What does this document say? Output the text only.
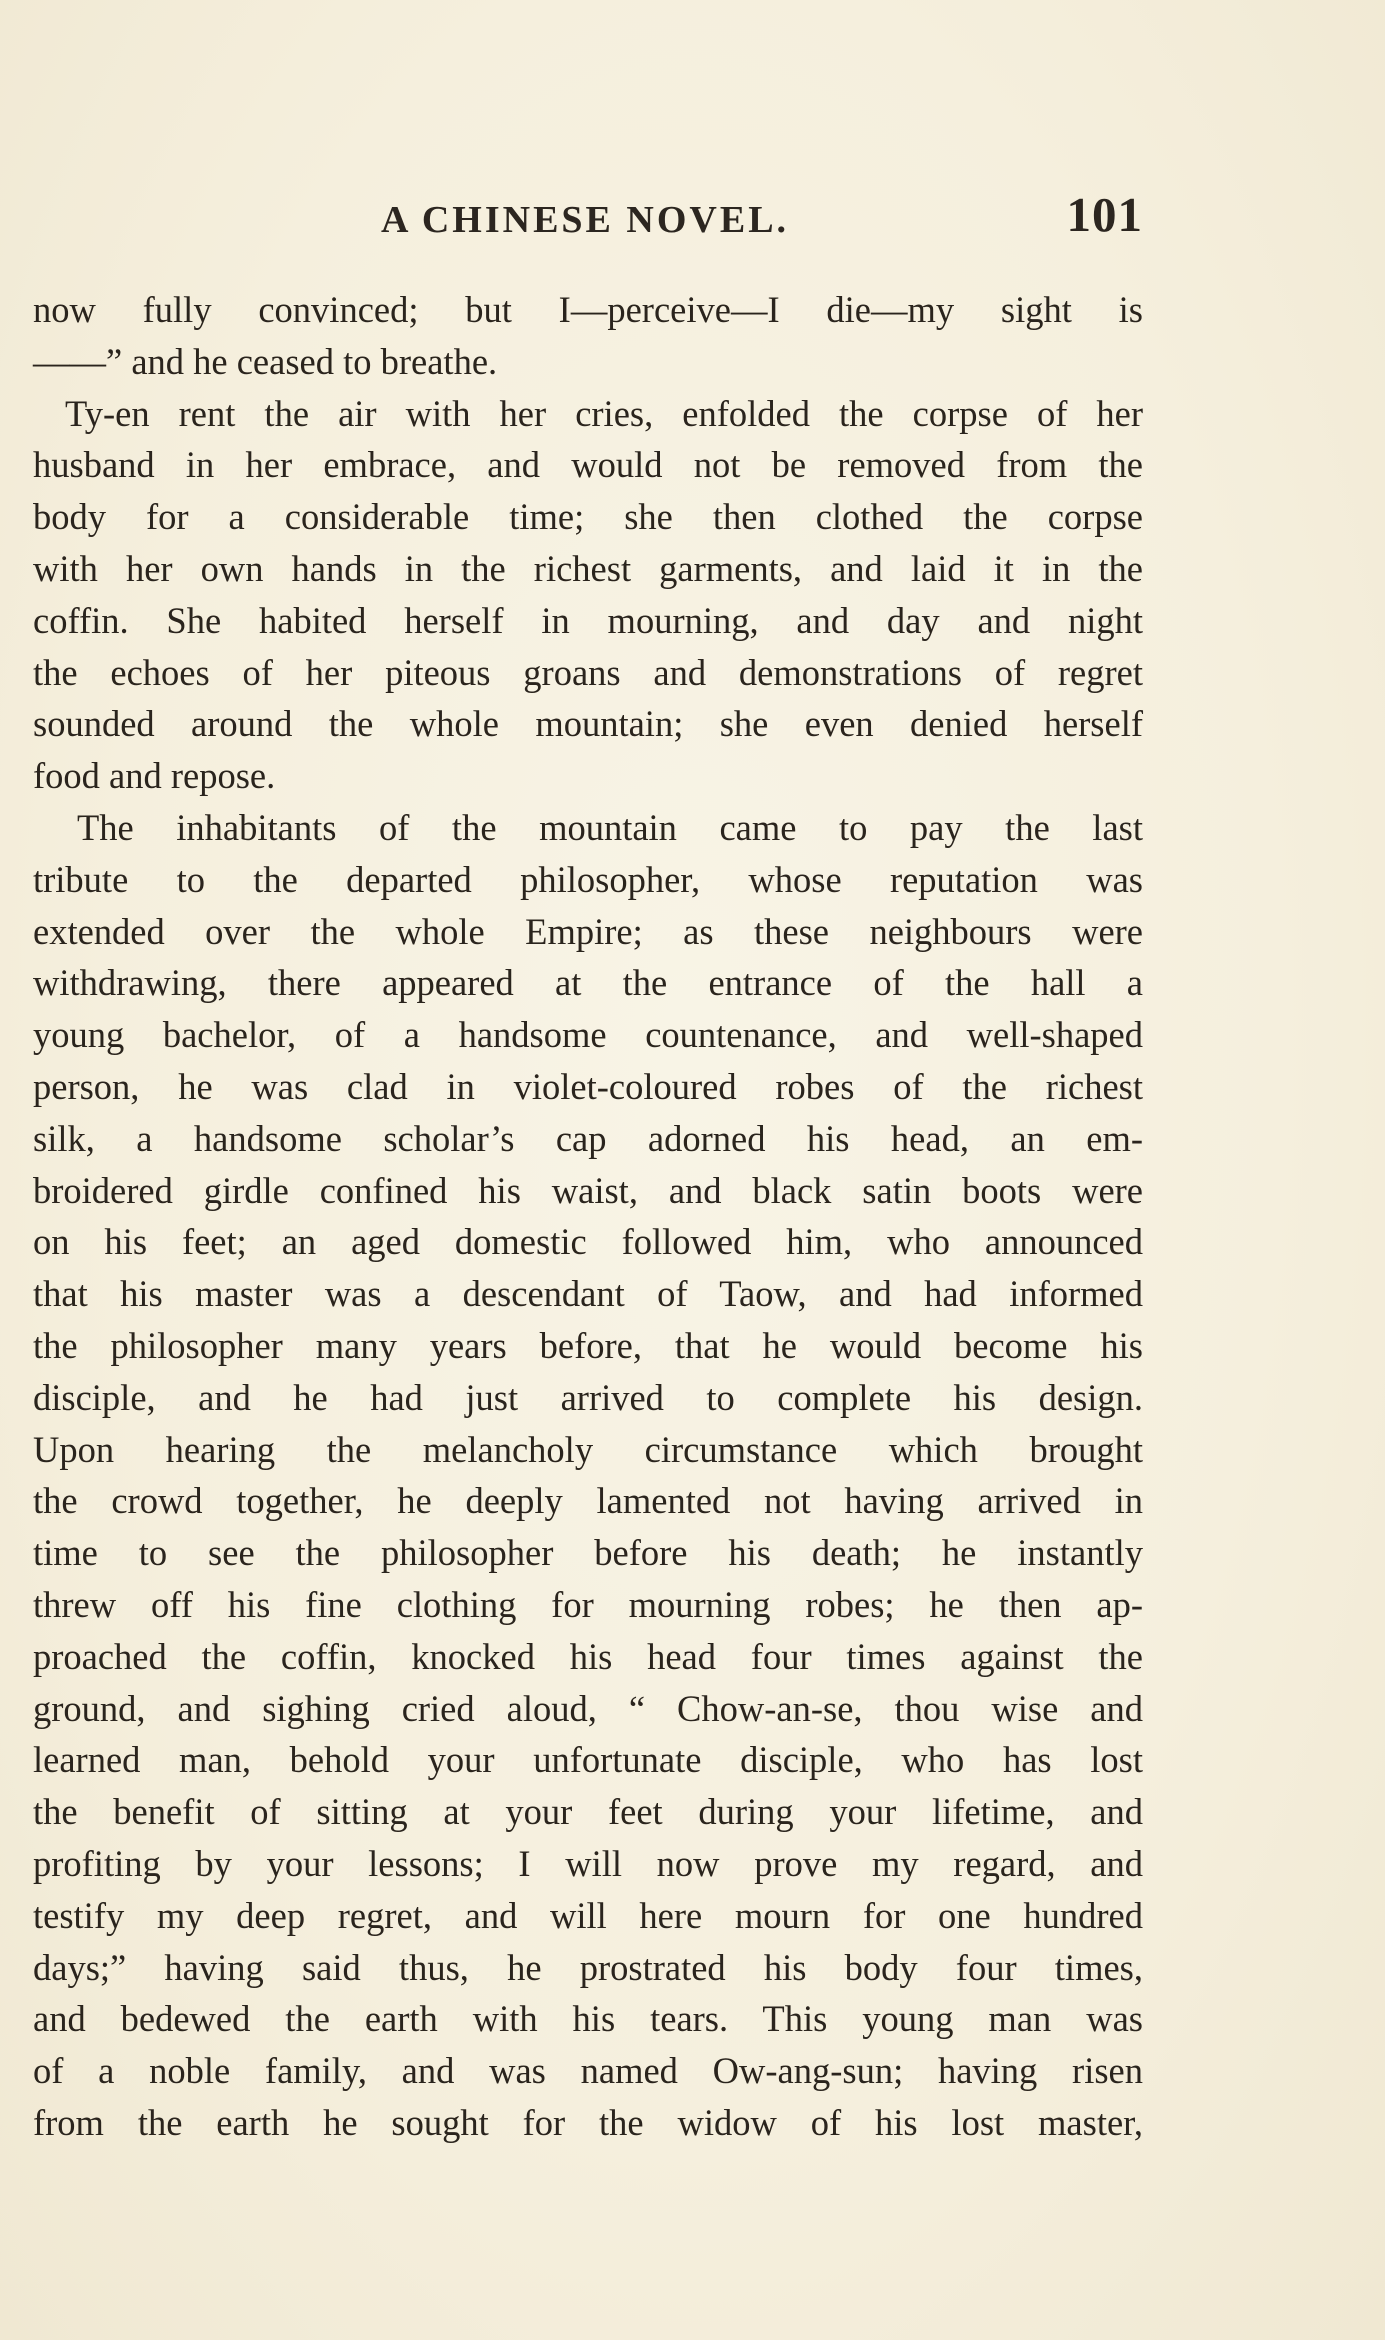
A CHINESE NOVEL.	101
now fully convinced; but I—perceive—I die—my sight is
——” and he ceased to breathe.
Ty-en rent the air with her cries, enfolded the corpse of her
husband in her embrace, and would not be removed from the
body for a considerable time; she then clothed the corpse
with her own hands in the richest garments, and laid it in the
coffin. She habited herself in mourning, and day and night
the echoes of her piteous groans and demonstrations of regret
sounded around the whole mountain; she even denied herself
food and repose.
The inhabitants of the mountain came to pay the last
tribute to the departed philosopher, whose reputation was
extended over the whole Empire; as these neighbours were
withdrawing, there appeared at the entrance of the hall a
young bachelor, of a handsome countenance, and well-shaped
person, he was clad in violet-coloured robes of the richest
silk, a handsome scholar’s cap adorned his head, an em-
broidered girdle confined his waist, and black satin boots were
on his feet; an aged domestic followed him, who announced
that his master was a descendant of Taow, and had informed
the philosopher many years before, that he would become his
disciple, and he had just arrived to complete his design.
Upon hearing the melancholy circumstance which brought
the crowd together, he deeply lamented not having arrived in
time to see the philosopher before his death; he instantly
threw off his fine clothing for mourning robes; he then ap-
proached the coffin, knocked his head four times against the
ground, and sighing cried aloud, “ Chow-an-se, thou wise and
learned man, behold your unfortunate disciple, who has lost
the benefit of sitting at your feet during your lifetime, and
profiting by your lessons; I will now prove my regard, and
testify my deep regret, and will here mourn for one hundred
days;” having said thus, he prostrated his body four times,
and bedewed the earth with his tears. This young man was
of a noble family, and was named Ow-ang-sun; having risen
from the earth he sought for the widow of his lost master,
